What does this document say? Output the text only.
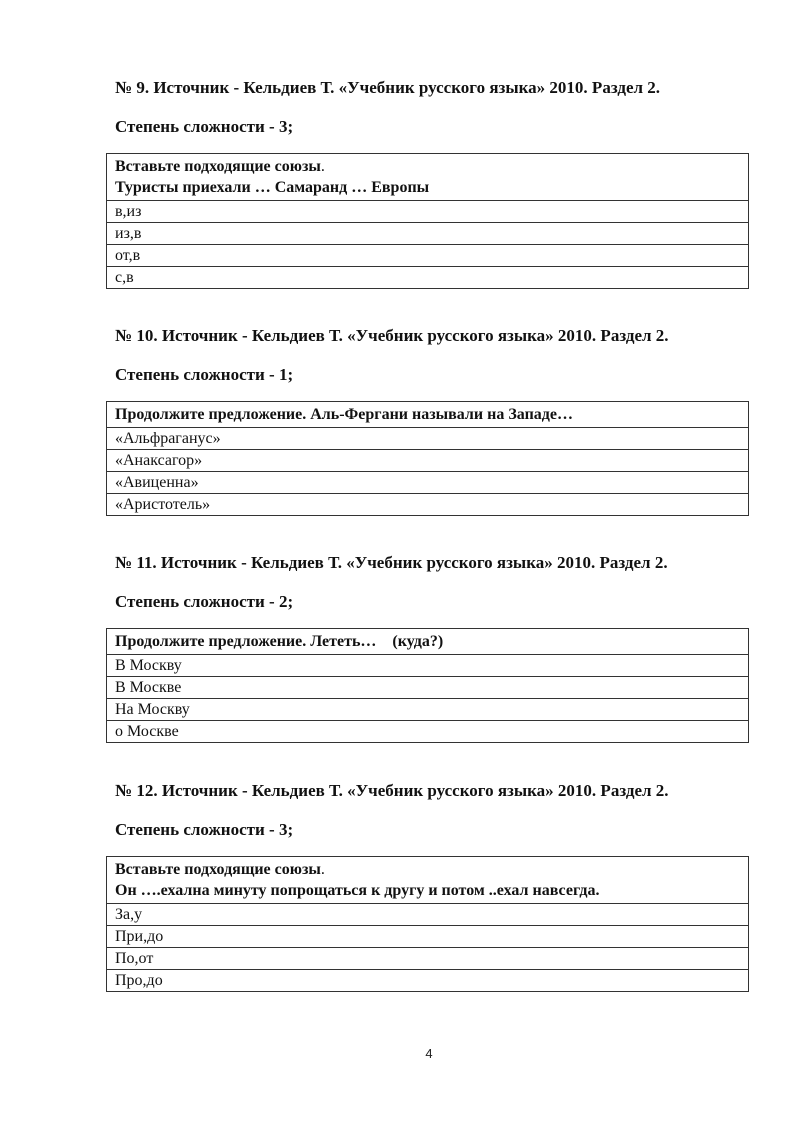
№ 9. Источник - Кельдиев Т. «Учебник русского языка» 2010. Раздел 2.
Степень сложности - 3;
Вставьте подходящие союзы.
Туристы приехали … Самаранд … Европы
в,из
из,в
от,в
с,в
№ 10. Источник - Кельдиев Т. «Учебник русского языка» 2010. Раздел 2.
Степень сложности - 1;
Продолжите предложение. Аль-Фергани называли на Западе…
«Альфраганус»
«Анаксагор»
«Авиценна»
«Аристотель»
№ 11. Источник - Кельдиев Т. «Учебник русского языка» 2010. Раздел 2.
Степень сложности - 2;
Продолжите предложение. Лететь…    (куда?)
В Москву
В Москве
На Москву
о Москве
№ 12. Источник - Кельдиев Т. «Учебник русского языка» 2010. Раздел 2.
Степень сложности - 3;
Вставьте подходящие союзы.
Он ….ехална минуту попрощаться к другу и потом ..ехал навсегда.
За,у
При,до
По,от
Про,до
4
